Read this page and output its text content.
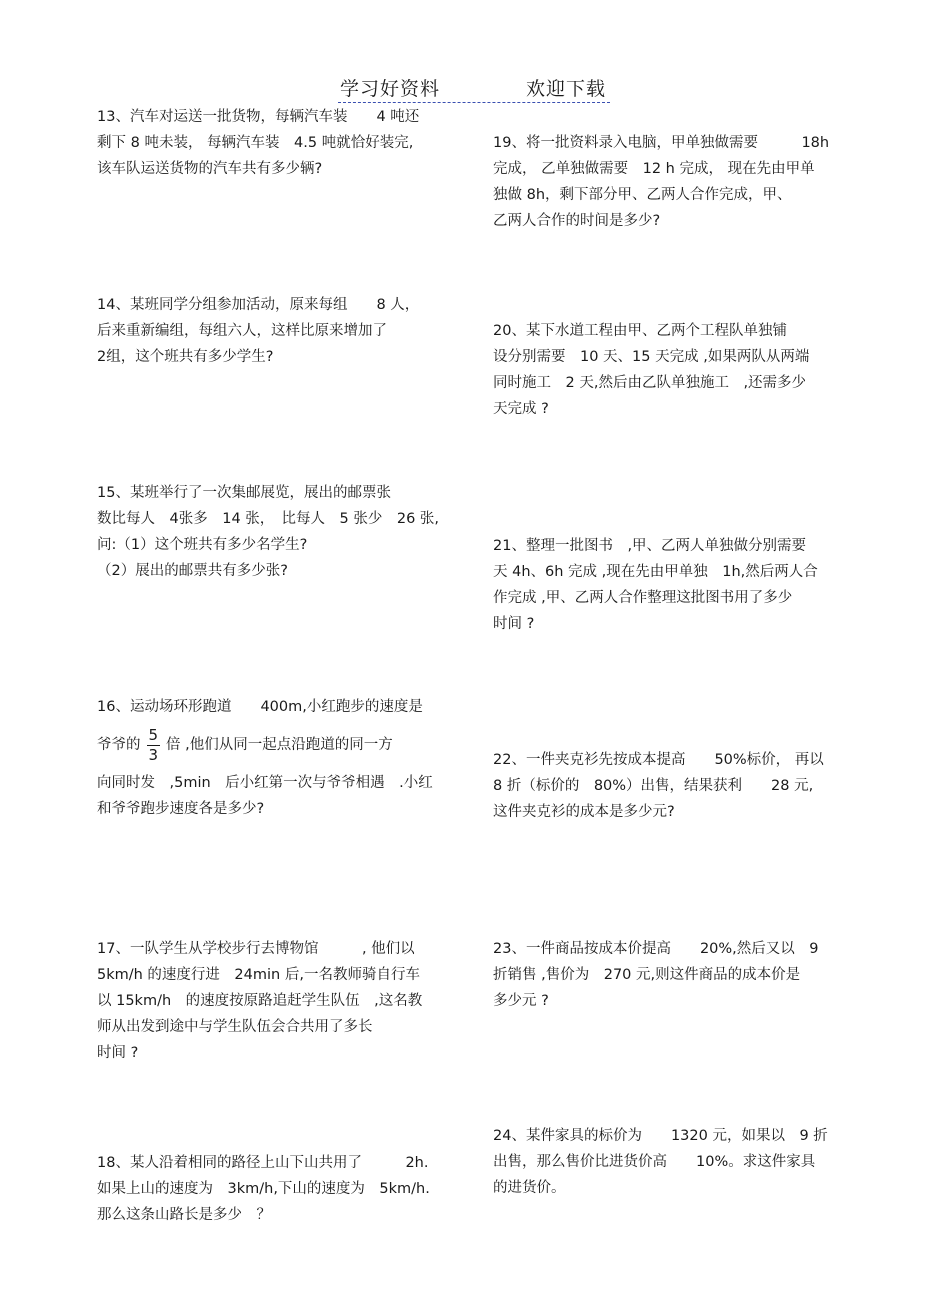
学习好资料	欢迎下载
13、汽车对运送一批货物，每辆汽车装　　4 吨还
剩下 8 吨未装， 每辆汽车装　4.5 吨就恰好装完,
该车队运送货物的汽车共有多少辆?
14、某班同学分组参加活动，原来每组　　8 人，
后来重新编组，每组六人，这样比原来增加了
2组，这个班共有多少学生?
15、某班举行了一次集邮展览，展出的邮票张
数比每人　4张多　14 张，　比每人　5 张少　26 张,
问:（1）这个班共有多少名学生?
（2）展出的邮票共有多少张?
16、运动场环形跑道　　400m,小红跑步的速度是
爷爷的 $\frac{5}{3}$ 倍 ,他们从同一起点沿跑道的同一方
向同时发　,5min　后小红第一次与爷爷相遇　.小红
和爷爷跑步速度各是多少?
17、一队学生从学校步行去博物馆　　　, 他们以
5km/h 的速度行进　24min 后,一名教师骑自行车
以 15km/h　的速度按原路追赶学生队伍　,这名教
师从出发到途中与学生队伍会合共用了多长
时间 ?
18、某人沿着相同的路径上山下山共用了　　　2h.
如果上山的速度为　3km/h,下山的速度为　5km/h.
那么这条山路长是多少　？
19、将一批资料录入电脑，甲单独做需要　　　18h
完成， 乙单独做需要　12 h 完成， 现在先由甲单
独做 8h，剩下部分甲、乙两人合作完成，甲、
乙两人合作的时间是多少?
20、某下水道工程由甲、乙两个工程队单独铺
设分别需要　10 天、15 天完成 ,如果两队从两端
同时施工　2 天,然后由乙队单独施工　,还需多少
天完成 ?
21、整理一批图书　,甲、乙两人单独做分别需要
天 4h、6h 完成 ,现在先由甲单独　1h,然后两人合
作完成 ,甲、乙两人合作整理这批图书用了多少
时间 ?
22、一件夹克衫先按成本提高　　50%标价， 再以
8 折（标价的　80%）出售，结果获利　　28 元,
这件夹克衫的成本是多少元?
23、一件商品按成本价提高　　20%,然后又以　9
折销售 ,售价为　270 元,则这件商品的成本价是
多少元 ?
24、某件家具的标价为　　1320 元，如果以　9 折
出售，那么售价比进货价高　　10%。求这件家具
的进货价。
